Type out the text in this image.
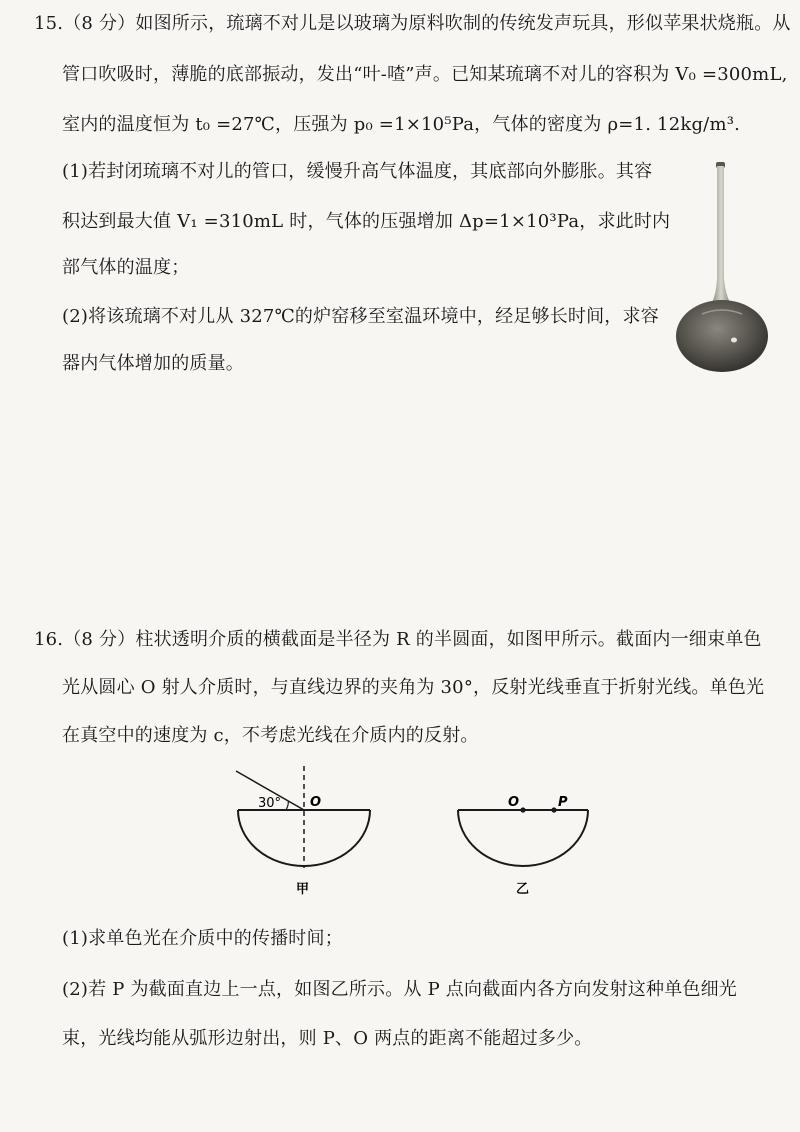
15.（8 分）如图所示，琉璃不对儿是以玻璃为原料吹制的传统发声玩具，形似苹果状烧瓶。从
管口吹吸时，薄脆的底部振动，发出“叶-喳”声。已知某琉璃不对儿的容积为 V₀ =300mL,
室内的温度恒为 t₀ =27℃，压强为 p₀ =1×10⁵Pa，气体的密度为 ρ=1. 12kg/m³.
(1)若封闭琉璃不对儿的管口，缓慢升高气体温度，其底部向外膨胀。其容
积达到最大值 V₁ =310mL 时，气体的压强增加 Δp=1×10³Pa，求此时内
部气体的温度；
(2)将该琉璃不对儿从 327℃的炉窑移至室温环境中，经足够长时间，求容
器内气体增加的质量。
16.（8 分）柱状透明介质的横截面是半径为 R 的半圆面，如图甲所示。截面内一细束单色
光从圆心 O 射人介质时，与直线边界的夹角为 30°，反射光线垂直于折射光线。单色光
在真空中的速度为 c，不考虑光线在介质内的反射。
(1)求单色光在介质中的传播时间；
(2)若 P 为截面直边上一点，如图乙所示。从 P 点向截面内各方向发射这种单色细光
束，光线均能从弧形边射出，则 P、O 两点的距离不能超过多少。
30° O
甲
O	P
乙
